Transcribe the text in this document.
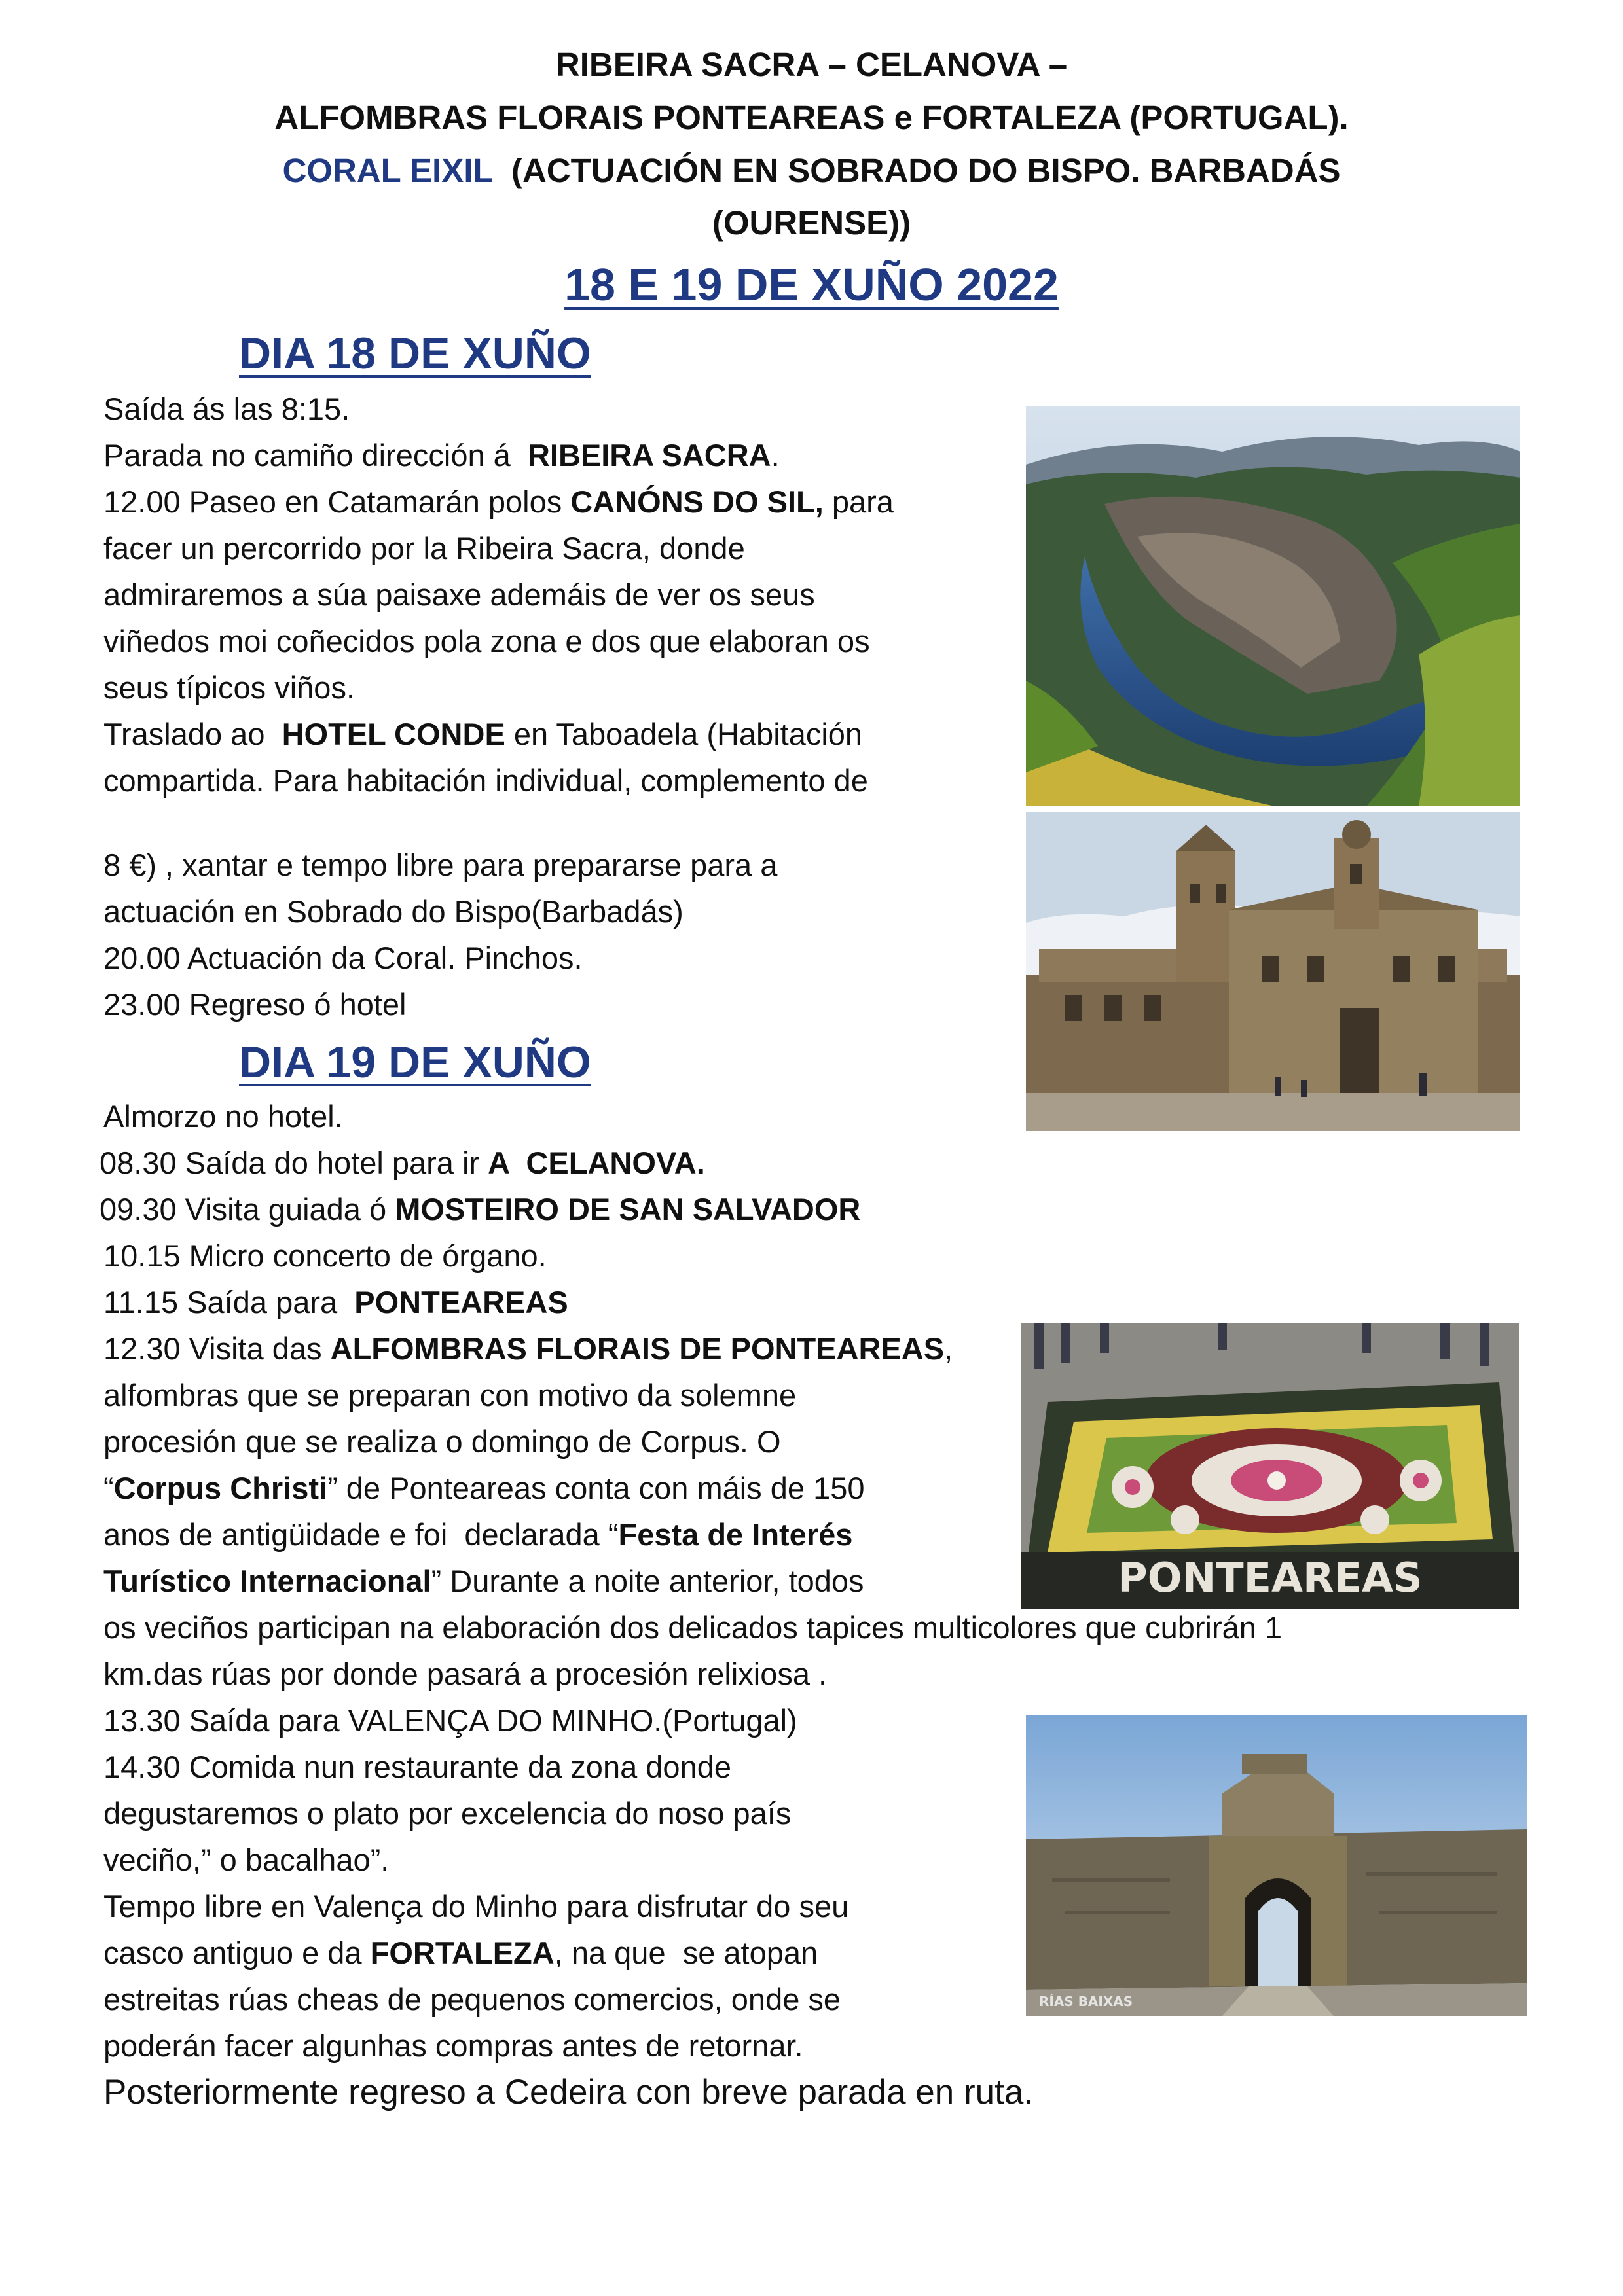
RIBEIRA SACRA – CELANOVA –
ALFOMBRAS FLORAIS PONTEAREAS e FORTALEZA (PORTUGAL).
CORAL EIXIL  (ACTUACIÓN EN SOBRADO DO BISPO. BARBADÁS
(OURENSE))
18 E 19 DE XUÑO 2022
DIA 18 DE XUÑO
Saída ás las 8:15.
Parada no camiño dirección á  RIBEIRA SACRA.
12.00 Paseo en Catamarán polos CANÓNS DO SIL, para
facer un percorrido por la Ribeira Sacra, donde
admiraremos a súa paisaxe ademáis de ver os seus
viñedos moi coñecidos pola zona e dos que elaboran os
seus típicos viños.
Traslado ao  HOTEL CONDE en Taboadela (Habitación
compartida. Para habitación individual, complemento de
8 €) , xantar e tempo libre para prepararse para a
actuación en Sobrado do Bispo(Barbadás)
20.00 Actuación da Coral. Pinchos.
23.00 Regreso ó hotel
DIA 19 DE XUÑO
Almorzo no hotel.
08.30 Saída do hotel para ir A  CELANOVA.
09.30 Visita guiada ó MOSTEIRO DE SAN SALVADOR
10.15 Micro concerto de órgano.
11.15 Saída para  PONTEAREAS
12.30 Visita das ALFOMBRAS FLORAIS DE PONTEAREAS,
alfombras que se preparan con motivo da solemne
procesión que se realiza o domingo de Corpus. O
“Corpus Christi” de Ponteareas conta con máis de 150
anos de antigüidade e foi  declarada “Festa de Interés
Turístico Internacional” Durante a noite anterior, todos
os veciños participan na elaboración dos delicados tapices multicolores que cubrirán 1
km.das rúas por donde pasará a procesión relixiosa .
13.30 Saída para VALENÇA DO MINHO.(Portugal)
14.30 Comida nun restaurante da zona donde
degustaremos o plato por excelencia do noso país
veciño,” o bacalhao”.
Tempo libre en Valença do Minho para disfrutar do seu
casco antiguo e da FORTALEZA, na que  se atopan
estreitas rúas cheas de pequenos comercios, onde se
poderán facer algunhas compras antes de retornar.
Posteriormente regreso a Cedeira con breve parada en ruta.
PONTEAREAS
RÍAS BAIXAS
